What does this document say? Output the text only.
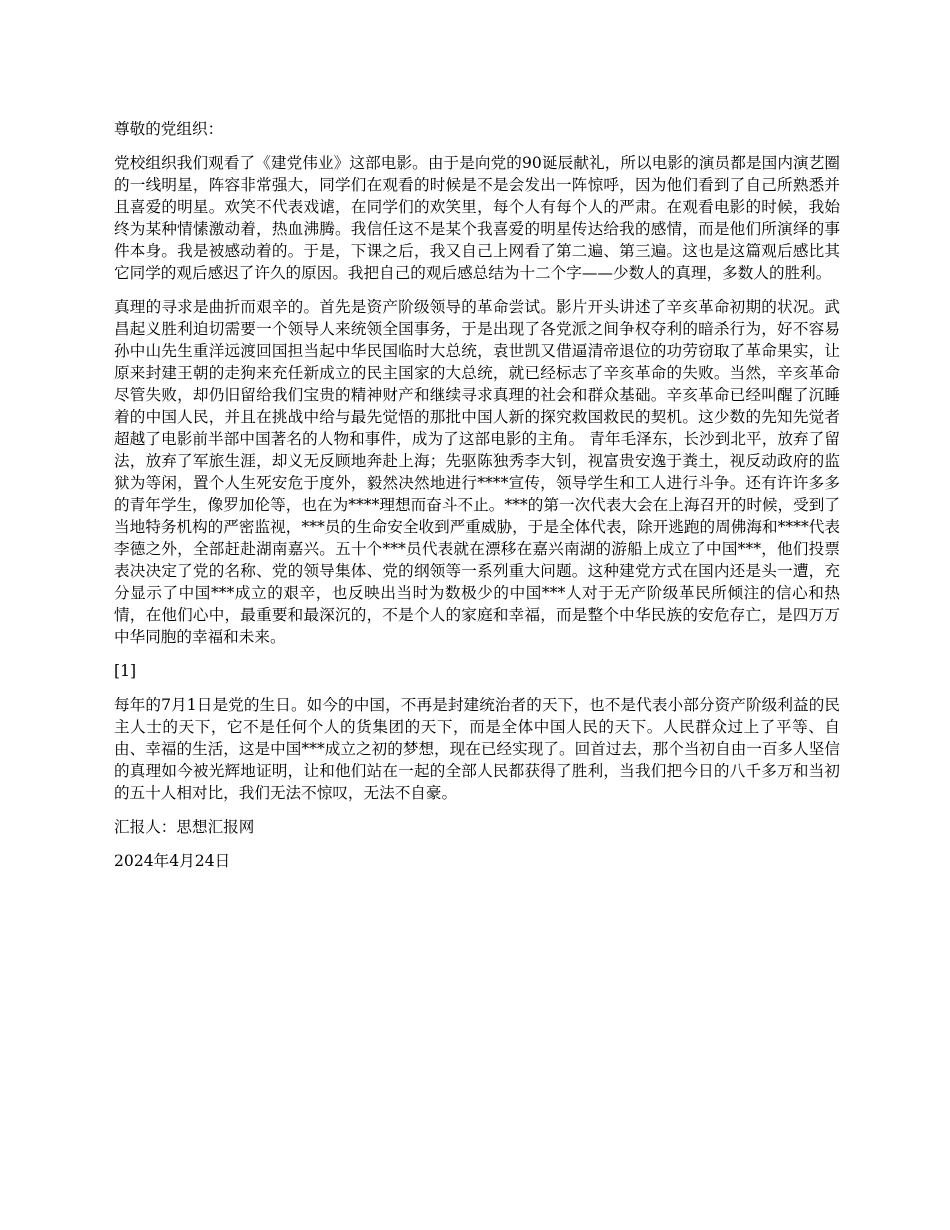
尊敬的党组织：

党校组织我们观看了《建党伟业》这部电影。由于是向党的90诞辰献礼，所以电影的演员都是国内演艺圈的一线明星，阵容非常强大，同学们在观看的时候是不是会发出一阵惊呼，因为他们看到了自己所熟悉并且喜爱的明星。欢笑不代表戏谑，在同学们的欢笑里，每个人有每个人的严肃。在观看电影的时候，我始终为某种情愫激动着，热血沸腾。我信任这不是某个我喜爱的明星传达给我的感情，而是他们所演绎的事件本身。我是被感动着的。于是，下课之后，我又自己上网看了第二遍、第三遍。这也是这篇观后感比其它同学的观后感迟了许久的原因。我把自己的观后感总结为十二个字——少数人的真理，多数人的胜利。

真理的寻求是曲折而艰辛的。首先是资产阶级领导的革命尝试。影片开头讲述了辛亥革命初期的状况。武昌起义胜利迫切需要一个领导人来统领全国事务，于是出现了各党派之间争权夺利的暗杀行为，好不容易孙中山先生重洋远渡回国担当起中华民国临时大总统，袁世凯又借逼清帝退位的功劳窃取了革命果实，让原来封建王朝的走狗来充任新成立的民主国家的大总统，就已经标志了辛亥革命的失败。当然，辛亥革命尽管失败，却仍旧留给我们宝贵的精神财产和继续寻求真理的社会和群众基础。辛亥革命已经叫醒了沉睡着的中国人民，并且在挑战中给与最先觉悟的那批中国人新的探究救国救民的契机。这少数的先知先觉者超越了电影前半部中国著名的人物和事件，成为了这部电影的主角。 青年毛泽东，长沙到北平，放弃了留法，放弃了军旅生涯，却义无反顾地奔赴上海；先驱陈独秀李大钊，视富贵安逸于粪土，视反动政府的监狱为等闲，置个人生死安危于度外，毅然决然地进行****宣传，领导学生和工人进行斗争。还有许许多多的青年学生，像罗加伦等，也在为****理想而奋斗不止。***的第一次代表大会在上海召开的时候，受到了当地特务机构的严密监视，***员的生命安全收到严重威胁，于是全体代表，除开逃跑的周佛海和****代表李德之外，全部赶赴湖南嘉兴。五十个***员代表就在漂移在嘉兴南湖的游船上成立了中国***，他们投票表决决定了党的名称、党的领导集体、党的纲领等一系列重大问题。这种建党方式在国内还是头一遭，充分显示了中国***成立的艰辛，也反映出当时为数极少的中国***人对于无产阶级革民所倾注的信心和热情，在他们心中，最重要和最深沉的，不是个人的家庭和幸福，而是整个中华民族的安危存亡，是四万万中华同胞的幸福和未来。

[1]

每年的7月1日是党的生日。如今的中国，不再是封建统治者的天下，也不是代表小部分资产阶级利益的民主人士的天下，它不是任何个人的货集团的天下，而是全体中国人民的天下。人民群众过上了平等、自由、幸福的生活，这是中国***成立之初的梦想，现在已经实现了。回首过去，那个当初自由一百多人坚信的真理如今被光辉地证明，让和他们站在一起的全部人民都获得了胜利，当我们把今日的八千多万和当初的五十人相对比，我们无法不惊叹，无法不自豪。

汇报人：思想汇报网

2024年4月24日
